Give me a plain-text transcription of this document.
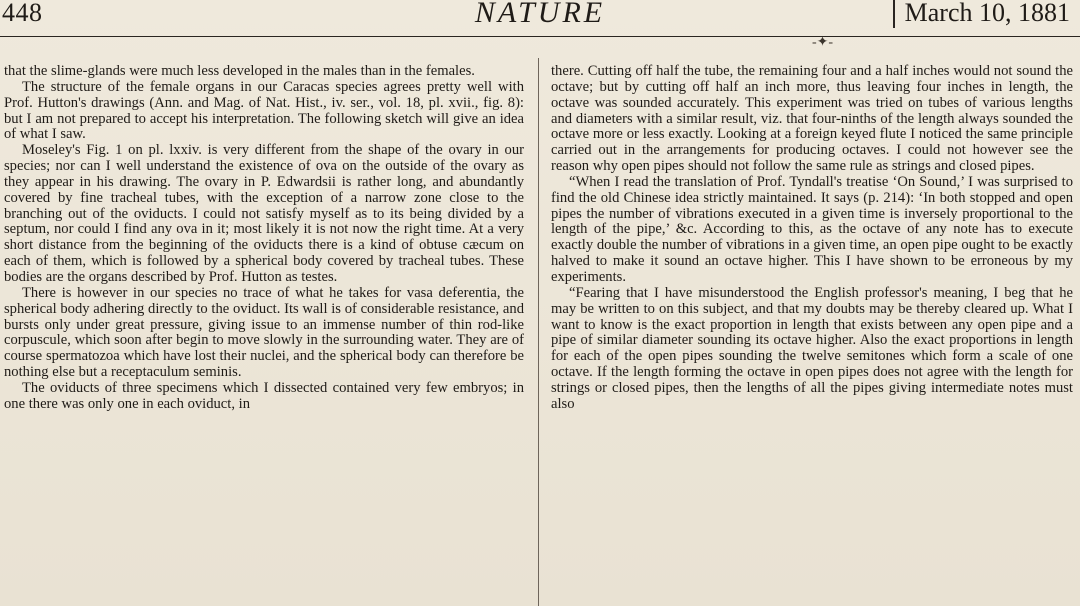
448	NATURE	March 10, 1881
-✦-

that the slime-glands were much less developed in the males than in the females.

The structure of the female organs in our Caracas species agrees pretty well with Prof. Hutton's drawings (Ann. and Mag. of Nat. Hist., iv. ser., vol. 18, pl. xvii., fig. 8): but I am not prepared to accept his interpretation. The following sketch will give an idea of what I saw.

Moseley's Fig. 1 on pl. lxxiv. is very different from the shape of the ovary in our species; nor can I well understand the existence of ova on the outside of the ovary as they appear in his drawing. The ovary in P. Edwardsii is rather long, and abundantly covered by fine tracheal tubes, with the exception of a narrow zone close to the branching out of the oviducts. I could not satisfy myself as to its being divided by a septum, nor could I find any ova in it; most likely it is not now the right time. At a very short distance from the beginning of the oviducts there is a kind of obtuse cæcum on each of them, which is followed by a spherical body covered by tracheal tubes. These bodies are the organs described by Prof. Hutton as testes.

There is however in our species no trace of what he takes for vasa deferentia, the spherical body adhering directly to the oviduct. Its wall is of considerable resistance, and bursts only under great pressure, giving issue to an immense number of thin rod-like corpuscule, which soon after begin to move slowly in the surrounding water. They are of course spermatozoa which have lost their nuclei, and the spherical body can therefore be nothing else but a receptaculum seminis.

The oviducts of three specimens which I dissected contained very few embryos; in one there was only one in each oviduct, in

there. Cutting off half the tube, the remaining four and a half inches would not sound the octave; but by cutting off half an inch more, thus leaving four inches in length, the octave was sounded accurately. This experiment was tried on tubes of various lengths and diameters with a similar result, viz. that four-ninths of the length always sounded the octave more or less exactly. Looking at a foreign keyed flute I noticed the same principle carried out in the arrangements for producing octaves. I could not however see the reason why open pipes should not follow the same rule as strings and closed pipes.

“When I read the translation of Prof. Tyndall's treatise ‘On Sound,’ I was surprised to find the old Chinese idea strictly maintained. It says (p. 214): ‘In both stopped and open pipes the number of vibrations executed in a given time is inversely proportional to the length of the pipe,’ &c. According to this, as the octave of any note has to execute exactly double the number of vibrations in a given time, an open pipe ought to be exactly halved to make it sound an octave higher. This I have shown to be erroneous by my experiments.

“Fearing that I have misunderstood the English professor's meaning, I beg that he may be written to on this subject, and that my doubts may be thereby cleared up. What I want to know is the exact proportion in length that exists between any open pipe and a pipe of similar diameter sounding its octave higher. Also the exact proportions in length for each of the open pipes sounding the twelve semitones which form a scale of one octave. If the length forming the octave in open pipes does not agree with the length for strings or closed pipes, then the lengths of all the pipes giving intermediate notes must also
